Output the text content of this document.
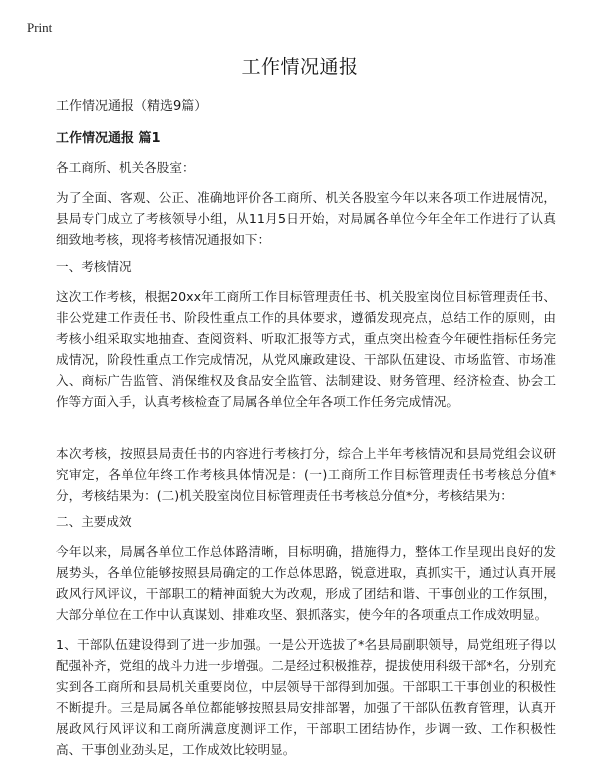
Print
工作情况通报
工作情况通报（精选9篇）
工作情况通报 篇1

各工商所、机关各股室：

为了全面、客观、公正、准确地评价各工商所、机关各股室今年以来各项工作进展情况，县局专门成立了考核领导小组，从11月5日开始，对局属各单位今年全年工作进行了认真细致地考核，现将考核情况通报如下：

一、考核情况

这次工作考核，根据20xx年工商所工作目标管理责任书、机关股室岗位目标管理责任书、非公党建工作责任书、阶段性重点工作的具体要求，遵循发现亮点，总结工作的原则，由考核小组采取实地抽查、查阅资料、听取汇报等方式，重点突出检查今年硬性指标任务完成情况，阶段性重点工作完成情况，从党风廉政建设、干部队伍建设、市场监管、市场准入、商标广告监管、消保维权及食品安全监管、法制建设、财务管理、经济检查、协会工作等方面入手，认真考核检查了局属各单位全年各项工作任务完成情况。

本次考核，按照县局责任书的内容进行考核打分，综合上半年考核情况和县局党组会议研究审定，各单位年终工作考核具体情况是：(一)工商所工作目标管理责任书考核总分值*分，考核结果为：(二)机关股室岗位目标管理责任书考核总分值*分，考核结果为：

二、主要成效

今年以来，局属各单位工作总体路清晰，目标明确，措施得力，整体工作呈现出良好的发展势头，各单位能够按照县局确定的工作总体思路，锐意进取，真抓实干，通过认真开展政风行风评议，干部职工的精神面貌大为改观，形成了团结和谐、干事创业的工作氛围，大部分单位在工作中认真谋划、排难攻坚、狠抓落实，使今年的各项重点工作成效明显。

1、干部队伍建设得到了进一步加强。一是公开选拔了*名县局副职领导，局党组班子得以配强补齐，党组的战斗力进一步增强。二是经过积极推荐，提拔使用科级干部*名，分别充实到各工商所和县局机关重要岗位，中层领导干部得到加强。干部职工干事创业的积极性不断提升。三是局属各单位都能够按照县局安排部署，加强了干部队伍教育管理，认真开展政风行风评议和工商所满意度测评工作，干部职工团结协作，步调一致、工作积极性高、干事创业劲头足，工作成效比较明显。
